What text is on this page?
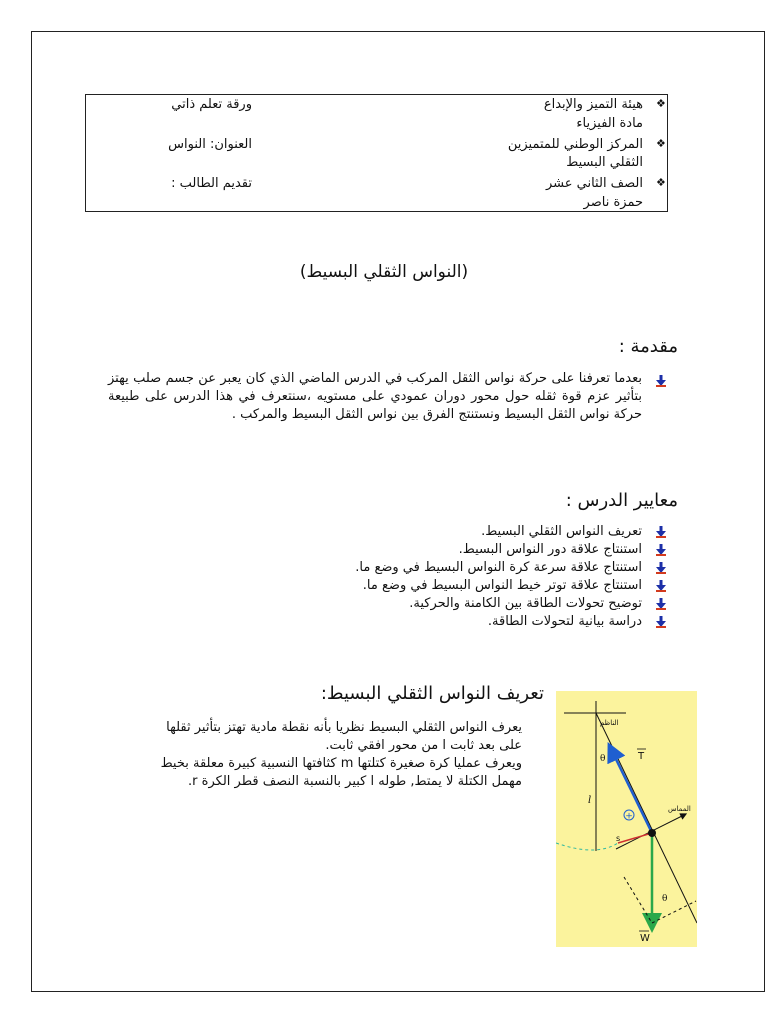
❖
هيئة التميز والإبداع
ورقة تعلم ذاتي
مادة الفيزياء
❖
المركز الوطني للمتميزين
العنوان: النواس
الثقلي البسيط
❖
الصف الثاني عشر
تقديم الطالب :
حمزة ناصر
(النواس الثقلي البسيط)
مقدمة :
بعدما تعرفنا على حركة نواس الثقل المركب في الدرس الماضي الذي كان يعبر عن جسم صلب يهتز بتأثير عزم قوة ثقله حول محور دوران عمودي على مستويه ،سنتعرف في هذا الدرس على طبيعة حركة نواس الثقل البسيط ونستنتج الفرق بين نواس الثقل البسيط والمركب .
معايير الدرس :
تعريف النواس الثقلي البسيط.
استنتاج علاقة دور النواس البسيط.
استنتاج علاقة سرعة كرة النواس البسيط في وضع ما.
استنتاج علاقة توتر خيط النواس البسيط في وضع ما.
توضيح تحولات الطاقة بين الكامنة والحركية.
دراسة بيانية لتحولات الطاقة.
تعريف النواس الثقلي البسيط:
يعرف النواس الثقلي البسيط نظريا بأنه نقطة مادية تهتز بتأثير ثقلها
على بعد ثابت l من محور افقي ثابت.
ويعرف عمليا كرة صغيرة كتلتها m كثافتها النسبية كبيرة معلقة بخيط
مهمل الكتلة لا يمتط, طوله l كبير بالنسبة النصف قطر الكرة r.
+
الناظم
المماس
T
W
θ
θ
l
s
